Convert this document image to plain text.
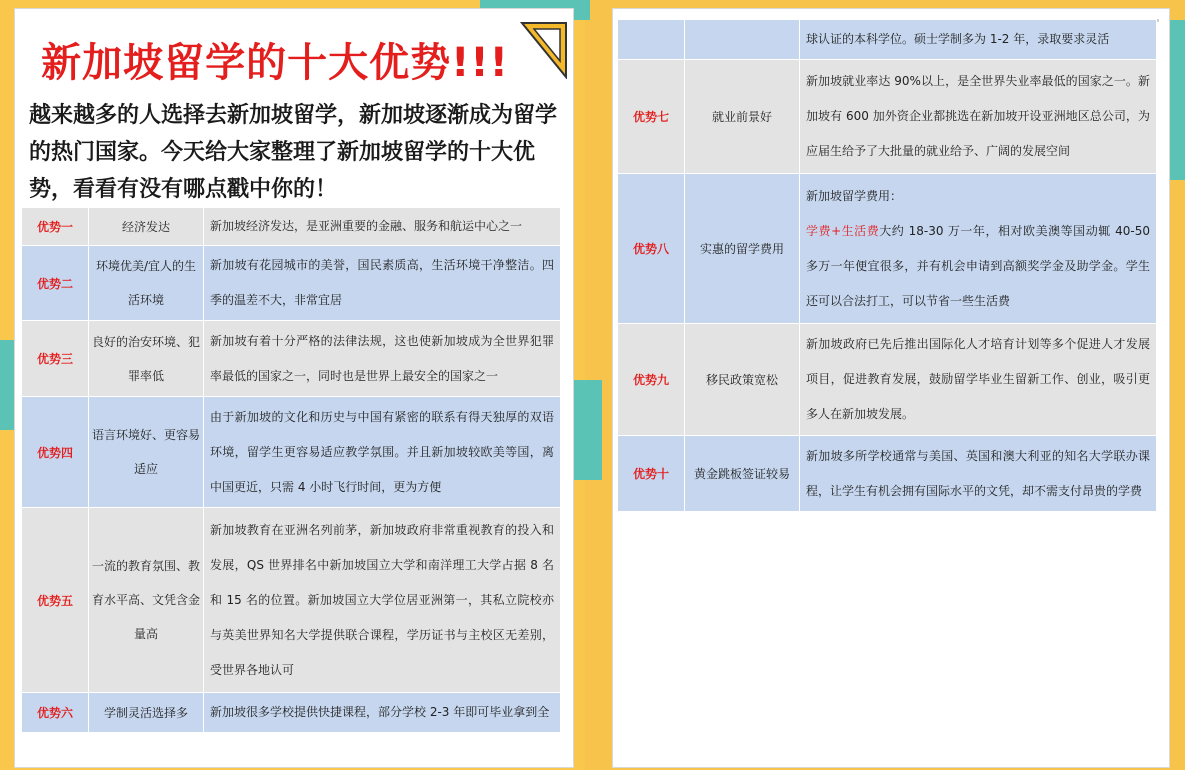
新加坡留学的十大优势!!!
越来越多的人选择去新加坡留学，新加坡逐渐成为留学的热门国家。今天给大家整理了新加坡留学的十大优势，看看有没有哪点戳中你的！
优势一	经济发达	新加坡经济发达，是亚洲重要的金融、服务和航运中心之一
优势二	环境优美/宜人的生活环境	新加坡有花园城市的美誉，国民素质高，生活环境干净整洁。四季的温差不大，非常宜居
优势三	良好的治安环境、犯罪率低	新加坡有着十分严格的法律法规，这也使新加坡成为全世界犯罪率最低的国家之一，同时也是世界上最安全的国家之一
优势四	语言环境好、更容易适应	由于新加坡的文化和历史与中国有紧密的联系有得天独厚的双语环境，留学生更容易适应教学氛围。并且新加坡较欧美等国，离中国更近，只需 4 小时飞行时间，更为方便
优势五	一流的教育氛围、教育水平高、文凭含金量高	新加坡教育在亚洲名列前茅，新加坡政府非常重视教育的投入和发展，QS 世界排名中新加坡国立大学和南洋理工大学占据 8 名和 15 名的位置。新加坡国立大学位居亚洲第一，其私立院校亦与英美世界知名大学提供联合课程，学历证书与主校区无差别，受世界各地认可
优势六	学制灵活选择多	新加坡很多学校提供快捷课程，部分学校 2-3 年即可毕业拿到全
		球认证的本科学位。硕士学制多为 1-2 年，录取要求灵活
优势七	就业前景好	新加坡就业率达 90%以上，是全世界失业率最低的国家之一。新加坡有 600 加外资企业都挑选在新加坡开设亚洲地区总公司，为应届生给予了大批量的就业给予、广阔的发展空间
优势八	实惠的留学费用	新加坡留学费用：
学费+生活费大约 18-30 万一年，相对欧美澳等国动辄 40-50 多万一年便宜很多，并有机会申请到高额奖学金及助学金。学生还可以合法打工，可以节省一些生活费
优势九	移民政策宽松	新加坡政府已先后推出国际化人才培育计划等多个促进人才发展项目，促进教育发展，鼓励留学毕业生留新工作、创业，吸引更多人在新加坡发展。
优势十	黄金跳板签证较易	新加坡多所学校通常与美国、英国和澳大利亚的知名大学联办课程，让学生有机会拥有国际水平的文凭，却不需支付昂贵的学费
